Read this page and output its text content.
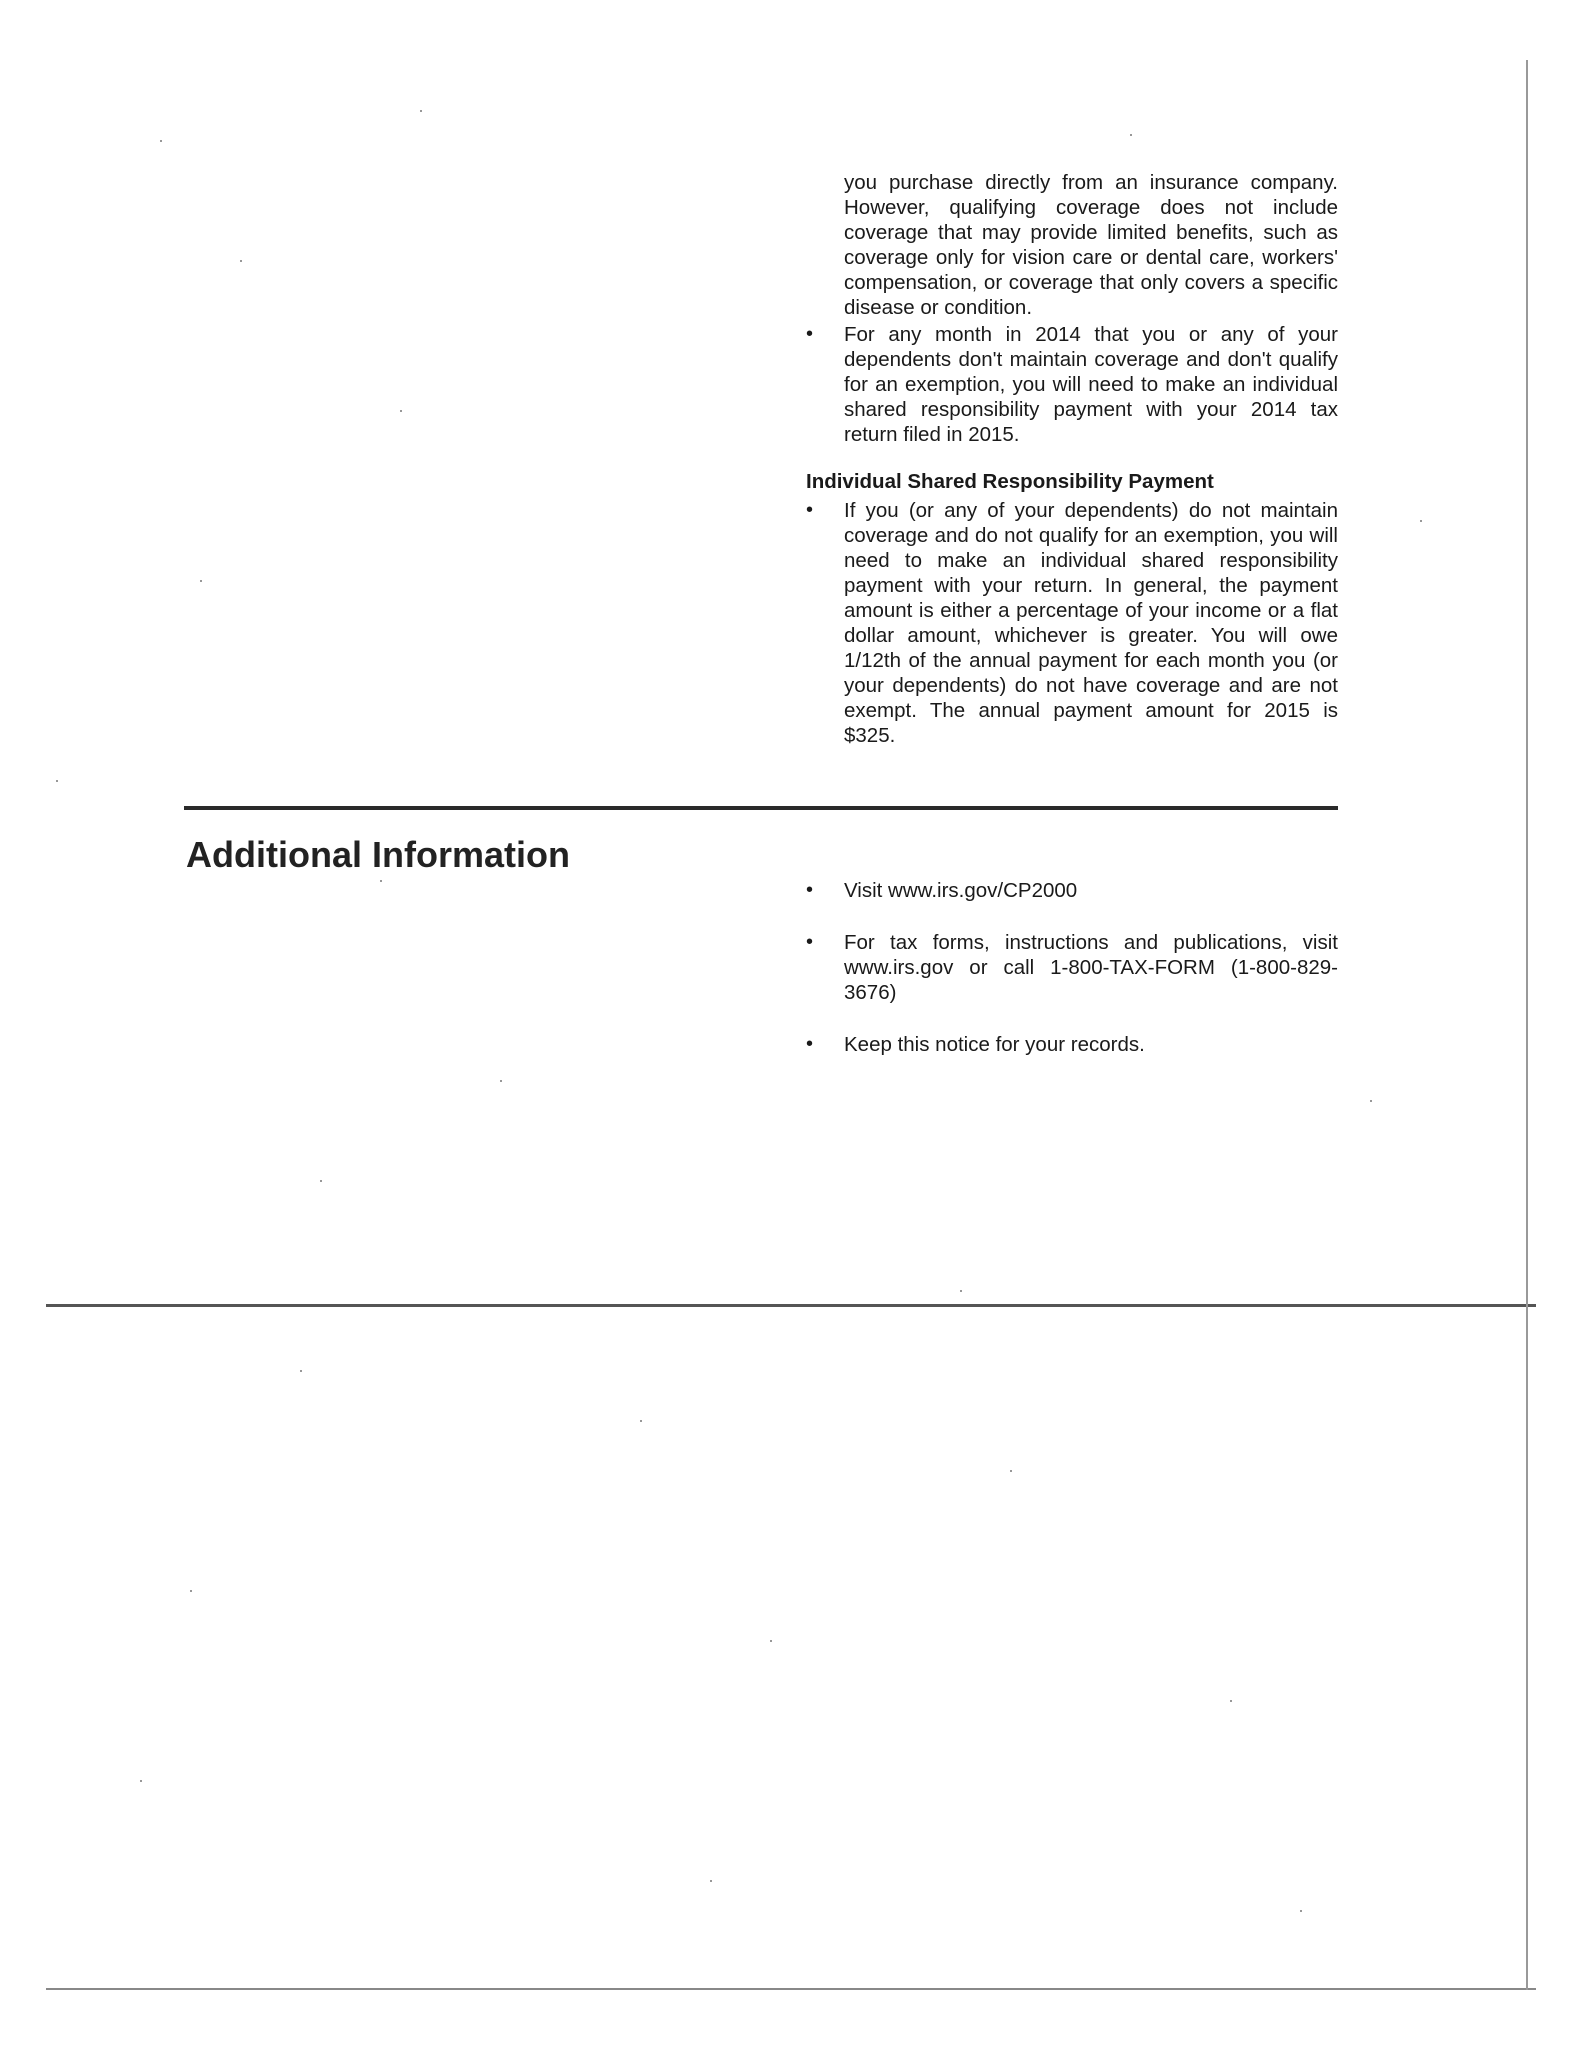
you purchase directly from an insurance company. However, qualifying coverage does not include coverage that may provide limited benefits, such as coverage only for vision care or dental care, workers' compensation, or coverage that only covers a specific disease or condition.

• For any month in 2014 that you or any of your dependents don't maintain coverage and don't qualify for an exemption, you will need to make an individual shared responsibility payment with your 2014 tax return filed in 2015.

Individual Shared Responsibility Payment

• If you (or any of your dependents) do not maintain coverage and do not qualify for an exemption, you will need to make an individual shared responsibility payment with your return. In general, the payment amount is either a percentage of your income or a flat dollar amount, whichever is greater. You will owe 1/12th of the annual payment for each month you (or your dependents) do not have coverage and are not exempt. The annual payment amount for 2015 is $325.

Additional Information

• Visit www.irs.gov/CP2000

• For tax forms, instructions and publications, visit www.irs.gov or call 1-800-TAX-FORM (1-800-829-3676)

• Keep this notice for your records.
